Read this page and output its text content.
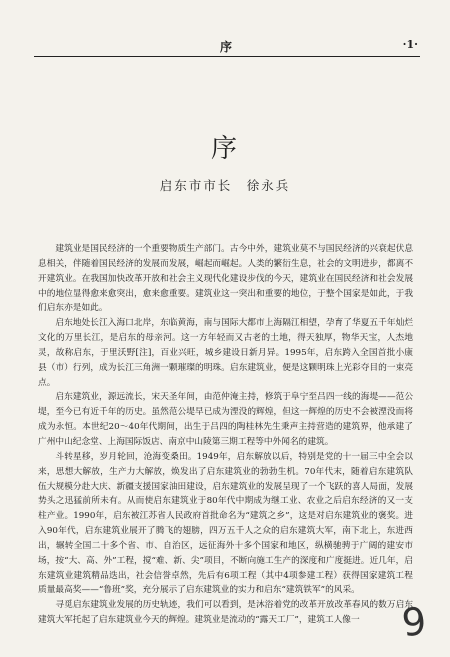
序	·1·
序
启东市市长　徐永兵

建筑业是国民经济的一个重要物质生产部门。古今中外，建筑业莫不与国民经济的兴衰起伏息息相关，伴随着国民经济的发展而发展，崛起而崛起。人类的繁衍生息，社会的文明进步，都离不开建筑业。在我国加快改革开放和社会主义现代化建设步伐的今天，建筑业在国民经济和社会发展中的地位显得愈来愈突出，愈来愈重要。建筑业这一突出和重要的地位，于整个国家是如此，于我们启东亦是如此。

启东地处长江入海口北岸，东临黄海，南与国际大都市上海隔江相望，孕育了华夏五千年灿烂文化的万里长江，是启东的母亲河。这一方年轻而又古老的土地，得天独厚，物华天宝，人杰地灵，故称启东，于里沃野[注]，百业兴旺，城乡建设日新月异。1995年，启东跨入全国首批小康县（市）行列，成为长江三角洲一颗璀璨的明珠。启东建筑业，便是这颗明珠上光彩夺目的一束亮点。

启东建筑业，源远流长，宋天圣年间，由范仲淹主持，修筑于阜宁至吕四一线的海堤——范公堤，至今已有近千年的历史。虽然范公堤早已成为湮没的辉煌，但这一辉煌的历史不会被湮没而将成为永恒。本世纪20～40年代期间，出生于吕四的陶桂林先生秉声主持营造的建筑界，他承建了广州中山纪念堂、上海国际饭店、南京中山陵第三期工程等中外闻名的建筑。

斗转星移，岁月轮回，沧海变桑田。1949年，启东解放以后，特别是党的十一届三中全会以来，思想大解放，生产力大解放，焕发出了启东建筑业的勃勃生机。70年代末，随着启东建筑队伍大规模分赴大庆、新疆支援国家油田建设，启东建筑业的发展呈现了一个飞跃的喜人局面，发展势头之迅猛前所未有。从而使启东建筑业于80年代中期成为继工业、农业之后启东经济的又一支柱产业。1990年，启东被江苏省人民政府首批命名为“建筑之乡”，这是对启东建筑业的褒奖。进入90年代，启东建筑业展开了腾飞的翅膀，四万五千人之众的启东建筑大军，南下北上，东进西出，辗转全国二十多个省、市、自治区，远征海外十多个国家和地区，纵横驰骋于广阔的建安市场，按“大、高、外”工程，搅“难、新、尖”项目，不断向施工生产的深度和广度挺进。近几年，启东建筑业建筑精品迭出，社会信誉卓然，先后有6项工程（其中4项参建工程）获得国家建筑工程质量最高奖——“鲁班”奖，充分展示了启东建筑业的实力和启东“建筑铁军”的风采。

寻觅启东建筑业发展的历史轨迹，我们可以看到，是沐浴着党的改革开放改革春风的数万启东建筑大军托起了启东建筑业今天的辉煌。建筑业是流动的“露天工厂”，建筑工人像一	9
